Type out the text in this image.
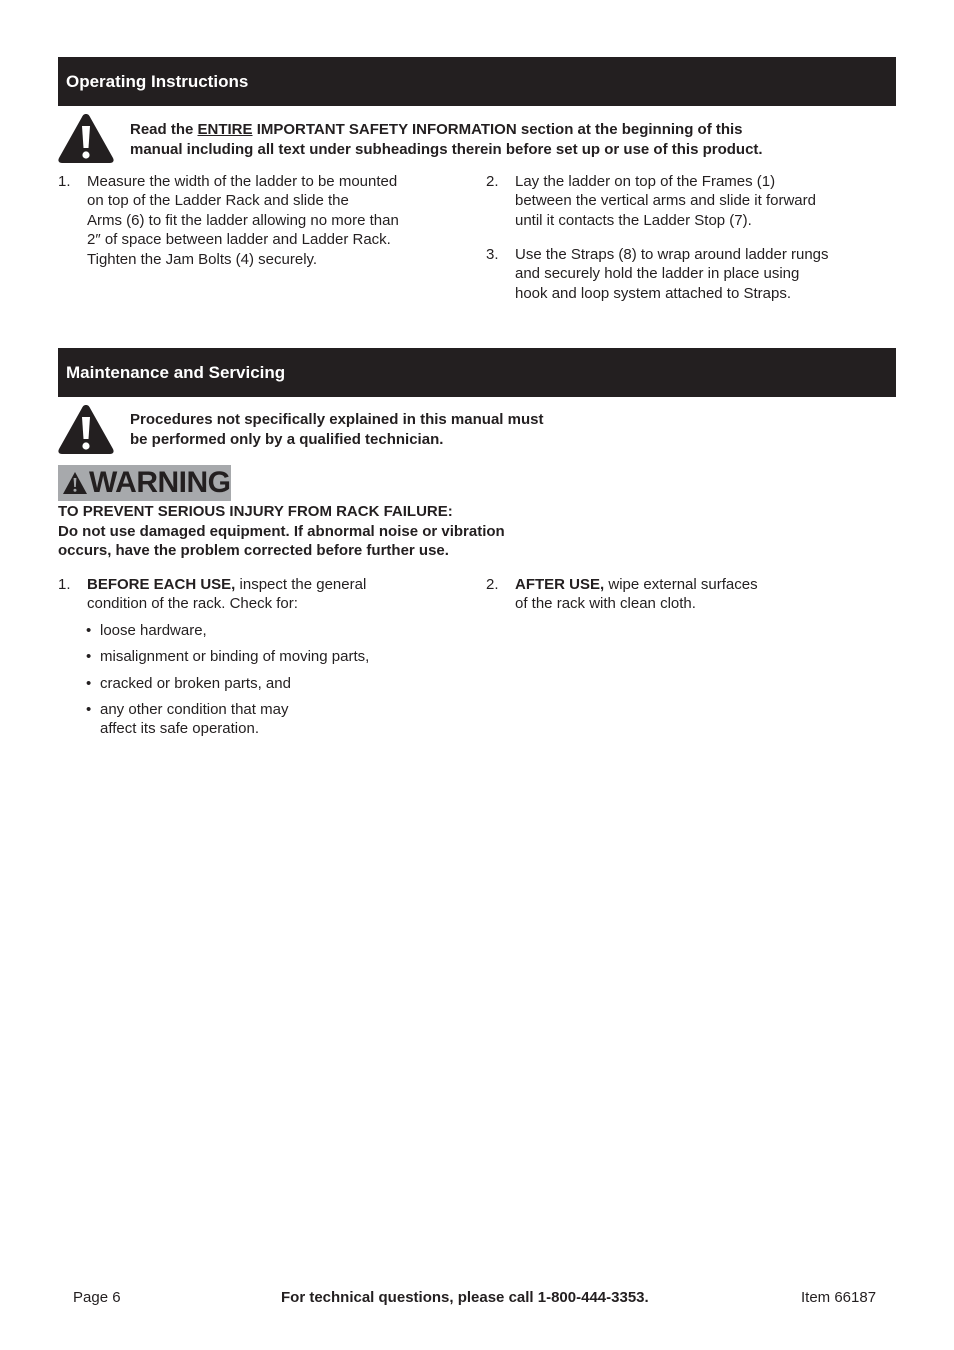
Operating Instructions
Read the ENTIRE IMPORTANT SAFETY INFORMATION section at the beginning of this
manual including all text under subheadings therein before set up or use of this product.
1. Measure the width of the ladder to be mounted
on top of the Ladder Rack and slide the
Arms (6) to fit the ladder allowing no more than
2″ of space between ladder and Ladder Rack.
Tighten the Jam Bolts (4) securely.
2. Lay the ladder on top of the Frames (1)
between the vertical arms and slide it forward
until it contacts the Ladder Stop (7).
3. Use the Straps (8) to wrap around ladder rungs
and securely hold the ladder in place using
hook and loop system attached to Straps.
Maintenance and Servicing
Procedures not specifically explained in this manual must
be performed only by a qualified technician.
WARNING
TO PREVENT SERIOUS INJURY FROM RACK FAILURE:
Do not use damaged equipment. If abnormal noise or vibration
occurs, have the problem corrected before further use.
1. BEFORE EACH USE, inspect the general
condition of the rack. Check for:
• loose hardware,
• misalignment or binding of moving parts,
• cracked or broken parts, and
• any other condition that may
affect its safe operation.
2. AFTER USE, wipe external surfaces
of the rack with clean cloth.
Page 6	For technical questions, please call 1-800-444-3353.	Item 66187
